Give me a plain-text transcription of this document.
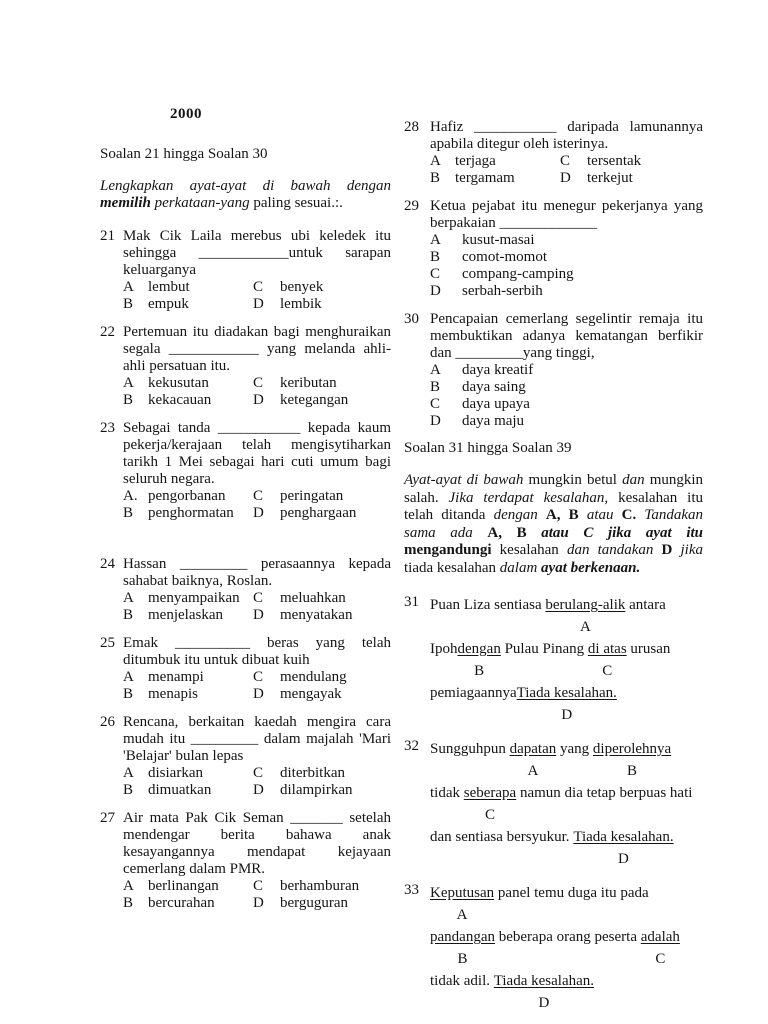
2000
Soalan 21 hingga Soalan 30
Lengkapkan ayat-ayat di bawah dengan memilih perkataan-yang paling sesuai.:.
21 Mak Cik Laila merebus ubi keledek itu sehingga ____________untuk sarapan keluarganya
A lembut	C	benyek
B empuk	D	lembik
22 Pertemuan itu diadakan bagi menghuraikan segala ____________ yang melanda ahli-ahli persatuan itu.
A kekusutan	C	keributan
B kekacauan	D	ketegangan
23 Sebagai tanda ___________ kepada kaum pekerja/kerajaan telah mengisytiharkan tarikh 1 Mei sebagai hari cuti umum bagi seluruh negara.
A. pengorbanan	C	peringatan
B penghormatan	D	penghargaan
24 Hassan _________ perasaannya kepada sahabat baiknya, Roslan.
A menyampaikan C	meluahkan
B menjelaskan	D	menyatakan
25 Emak __________ beras yang telah ditumbuk itu untuk dibuat kuih
A menampi	C	mendulang
B menapis	D	mengayak
26 Rencana, berkaitan kaedah mengira cara mudah itu _________ dalam majalah 'Mari 'Belajar' bulan lepas
A disiarkan	C	diterbitkan
B dimuatkan	D	dilampirkan
27 Air mata Pak Cik Seman _______ setelah mendengar berita bahawa anak kesayangannya mendapat kejayaan cemerlang dalam PMR.
A berlinangan	C	berhamburan
B bercurahan	D	berguguran
28 Hafiz ___________ daripada lamunannya apabila ditegur oleh isterinya.
A terjaga	C	tersentak
B tergamam	D	terkejut
29 Ketua pejabat itu menegur pekerjanya yang berpakaian _____________
A	kusut-masai
B	comot-momot
C	compang-camping
D	serbah-serbih
30 Pencapaian cemerlang segelintir remaja itu membuktikan adanya kematangan berfikir dan _________yang tinggi,
A	daya kreatif
B	daya saing
C	daya upaya
D	daya maju
Soalan 31 hingga Soalan 39
Ayat-ayat di bawah mungkin betul dan mungkin salah. Jika terdapat kesalahan, kesalahan itu telah ditanda dengan A, B atau C. Tandakan sama ada A, B atau C jika ayat itu mengandungi kesalahan dan tandakan D jika tiada kesalahan dalam ayat berkenaan.
31 Puan Liza sentiasa berulang-alik
A
antara
Ipohdengan
B
Pulau Pinang di atas
C
urusan
pemiagaannyaTiada kesalahan.
D
32 Sungguhpun dapatan
A
yang diperolehnya
B
tidak seberapa
C
namun dia tetap berpuas hati
dan sentiasa bersyukur. Tiada kesalahan.
D
33 Keputusan
A
panel temu duga itu pada
pandangan
B
beberapa orang peserta adalah
C
tidak adil. Tiada kesalahan.
D
